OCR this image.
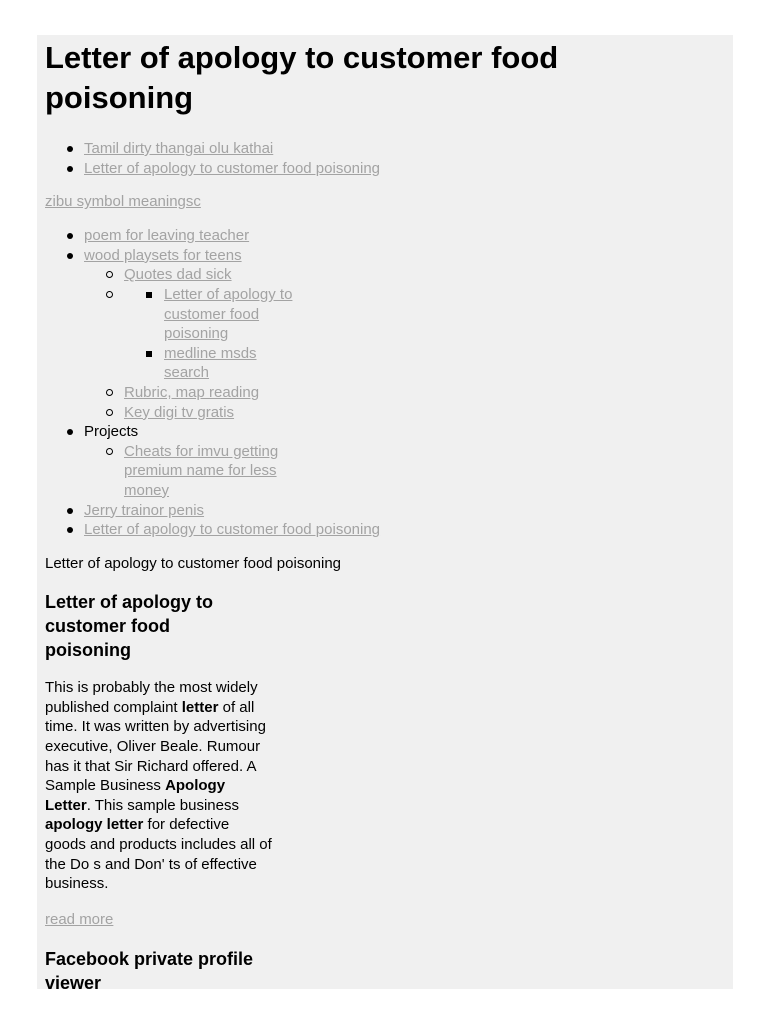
Letter of apology to customer food poisoning
Tamil dirty thangai olu kathai
Letter of apology to customer food poisoning
zibu symbol meaningsc
poem for leaving teacher
wood playsets for teens
Quotes dad sick
Letter of apology to customer food poisoning
medline msds search
Rubric, map reading
Key digi tv gratis
Projects
Cheats for imvu getting premium name for less money
Jerry trainor penis
Letter of apology to customer food poisoning

Letter of apology to customer food poisoning

Letter of apology to customer food poisoning

This is probably the most widely published complaint letter of all time. It was written by advertising executive, Oliver Beale. Rumour has it that Sir Richard offered. A Sample Business Apology Letter. This sample business apology letter for defective goods and products includes all of the Do s and Don' ts of effective business.

read more
Facebook private profile viewer
